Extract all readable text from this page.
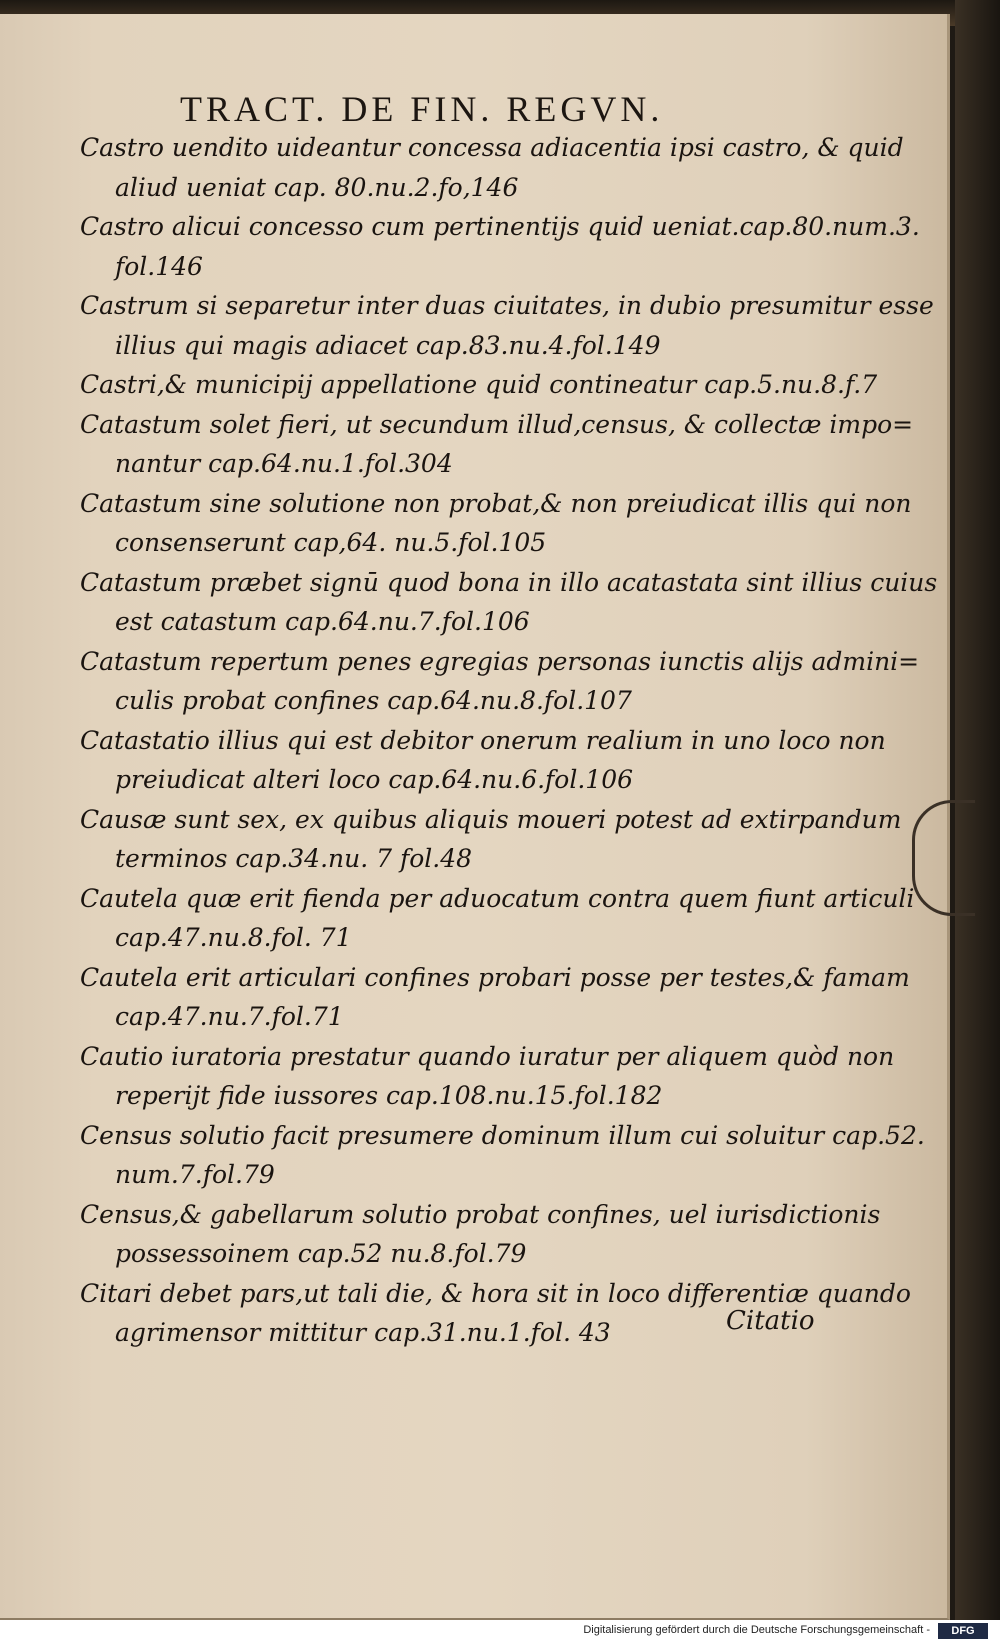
TRACT. DE FIN. REGVN.
Castro uendito uideantur concessa adiacentia ipsi castro, & quid
aliud ueniat cap. 80.nu.2.fo,146
Castro alicui concesso cum pertinentijs quid ueniat.cap.80.num.3.
fol.146
Castrum si separetur inter duas ciuitates, in dubio presumitur esse
illius qui magis adiacet cap.83.nu.4.fol.149
Castri,& municipij appellatione quid contineatur cap.5.nu.8.f.7
Catastum solet fieri, ut secundum illud,census, & collectæ impo=
nantur cap.64.nu.1.fol.304
Catastum sine solutione non probat,& non preiudicat illis qui non
consenserunt cap,64. nu.5.fol.105
Catastum præbet signū quod bona in illo acatastata sint illius cuius
est catastum cap.64.nu.7.fol.106
Catastum repertum penes egregias personas iunctis alijs admini=
culis probat confines cap.64.nu.8.fol.107
Catastatio illius qui est debitor onerum realium in uno loco non
preiudicat alteri loco cap.64.nu.6.fol.106
Causæ sunt sex, ex quibus aliquis moueri potest ad extirpandum
terminos cap.34.nu. 7 fol.48
Cautela quæ erit fienda per aduocatum contra quem fiunt articuli
cap.47.nu.8.fol. 71
Cautela erit articulari confines probari posse per testes,& famam
cap.47.nu.7.fol.71
Cautio iuratoria prestatur quando iuratur per aliquem quòd non
reperijt fide iussores cap.108.nu.15.fol.182
Census solutio facit presumere dominum illum cui soluitur cap.52.
num.7.fol.79
Census,& gabellarum solutio probat confines, uel iurisdictionis
possessoinem cap.52 nu.8.fol.79
Citari debet pars,ut tali die, & hora sit in loco differentiæ quando
agrimensor mittitur cap.31.nu.1.fol. 43	Citatio
Digitalisierung gefördert durch die Deutsche Forschungsgemeinschaft -	DFG
